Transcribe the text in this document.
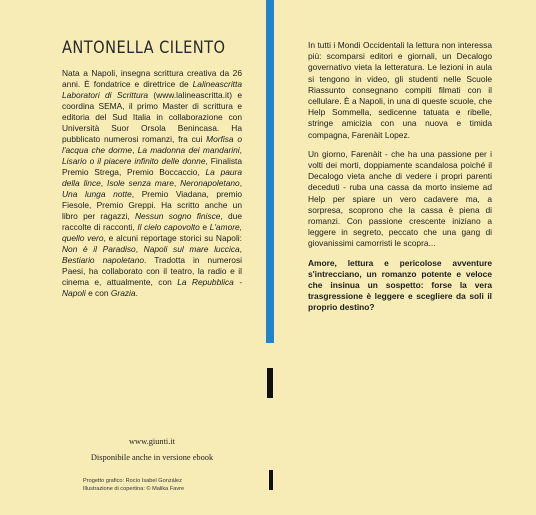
ANTONELLA CILENTO
Nata a Napoli, insegna scrittura creativa da 26 anni. È fondatrice e direttrice de Lalineascritta Laboratori di Scrittura (www.lalineascritta.it) e coordina SEMA, il primo Master di scrittura e editoria del Sud Italia in collaborazione con Università Suor Orsola Benincasa. Ha pubblicato numerosi romanzi, fra cui Morfisa o l'acqua che dorme, La madonna dei mandarini, Lisario o il piacere infinito delle donne, Finalista Premio Strega, Premio Boccaccio, La paura della lince, Isole senza mare, Neronapoletano, Una lunga notte, Premio Viadana, premio Fiesole, Premio Greppi. Ha scritto anche un libro per ragazzi, Nessun sogno finisce, due raccolte di racconti, Il cielo capovolto e L'amore, quello vero, e alcuni reportage storici su Napoli: Non è il Paradiso, Napoli sul mare luccica, Bestiario napoletano. Tradotta in numerosi Paesi, ha collaborato con il teatro, la radio e il cinema e, attualmente, con La Repubblica - Napoli e con Grazia.
www.giunti.it
Disponibile anche in versione ebook
Progetto grafico: Rocío Isabel González
Illustrazione di copertina: © Malika Favre

In tutti i Mondi Occidentali la lettura non interessa più: scomparsi editori e giornali, un Decalogo governativo vieta la letteratura. Le lezioni in aula si tengono in video, gli studenti nelle Scuole Riassunto consegnano compiti filmati con il cellulare. È a Napoli, in una di queste scuole, che Help Sommella, sedicenne tatuata e ribelle, stringe amicizia con una nuova e timida compagna, Farenàit Lopez.

Un giorno, Farenàit - che ha una passione per i volti dei morti, doppiamente scandalosa poiché il Decalogo vieta anche di vedere i propri parenti deceduti - ruba una cassa da morto insieme ad Help per spiare un vero cadavere ma, a sorpresa, scoprono che la cassa è piena di romanzi. Con passione crescente iniziano a leggere in segreto, peccato che una gang di giovanissimi camorristi le scopra...

Amore, lettura e pericolose avventure s'intrecciano, un romanzo potente e veloce che insinua un sospetto: forse la vera trasgressione è leggere e scegliere da soli il proprio destino?
